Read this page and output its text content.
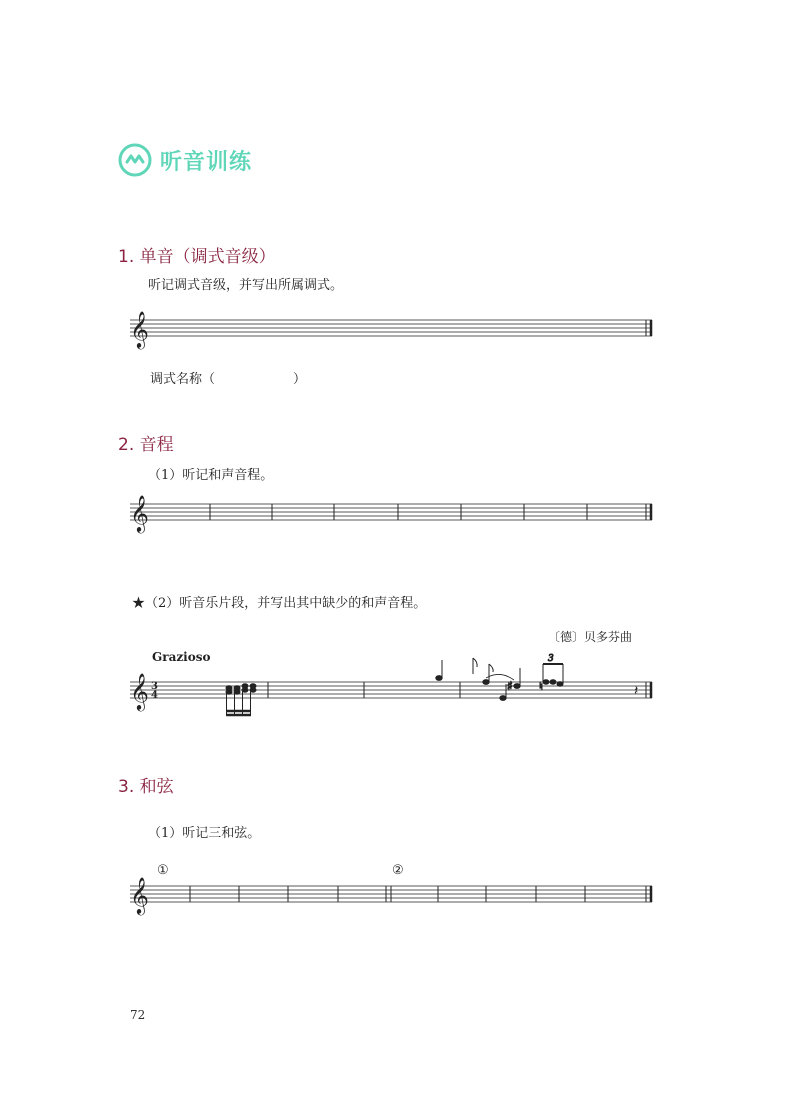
听音训练
1. 单音（调式音级）
听记调式音级，并写出所属调式。
𝄞
调式名称（　　　　　　）
2. 音程
（1）听记和声音程。
𝄞
★（2）听音乐片段，并写出其中缺少的和声音程。
〔德〕贝多芬曲
Grazioso
𝄞 3
4
♯ ♮
3
𝄽
3. 和弦
（1）听记三和弦。
①	②
𝄞
72
